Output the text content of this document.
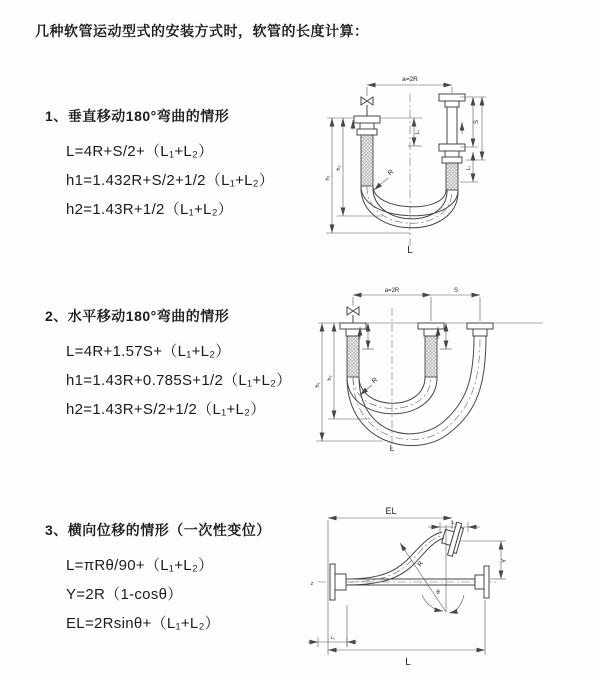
几种软管运动型式的安装方式时，软管的长度计算：
1、垂直移动180°弯曲的情形
L=4R+S/2+（L₁+L₂）
h1=1.432R+S/2+1/2（L₁+L₂）
h2=1.43R+1/2（L₁+L₂）
2、水平移动180°弯曲的情形
L=4R+1.57S+（L₁+L₂）
h1=1.43R+0.785S+1/2（L₁+L₂）
h2=1.43R+S/2+1/2（L₁+L₂）
3、横向位移的情形（一次性变位）
L=πRθ/90+（L₁+L₂）
Y=2R（1-cosθ）
EL=2Rsinθ+（L₁+L₂）
a=2R
S
L₁
L₁
h₁
h₂
R
L
a=2R	S
h₁
h₂	R
L
EL
L₁
z
θ
R	Y
L₂
L
